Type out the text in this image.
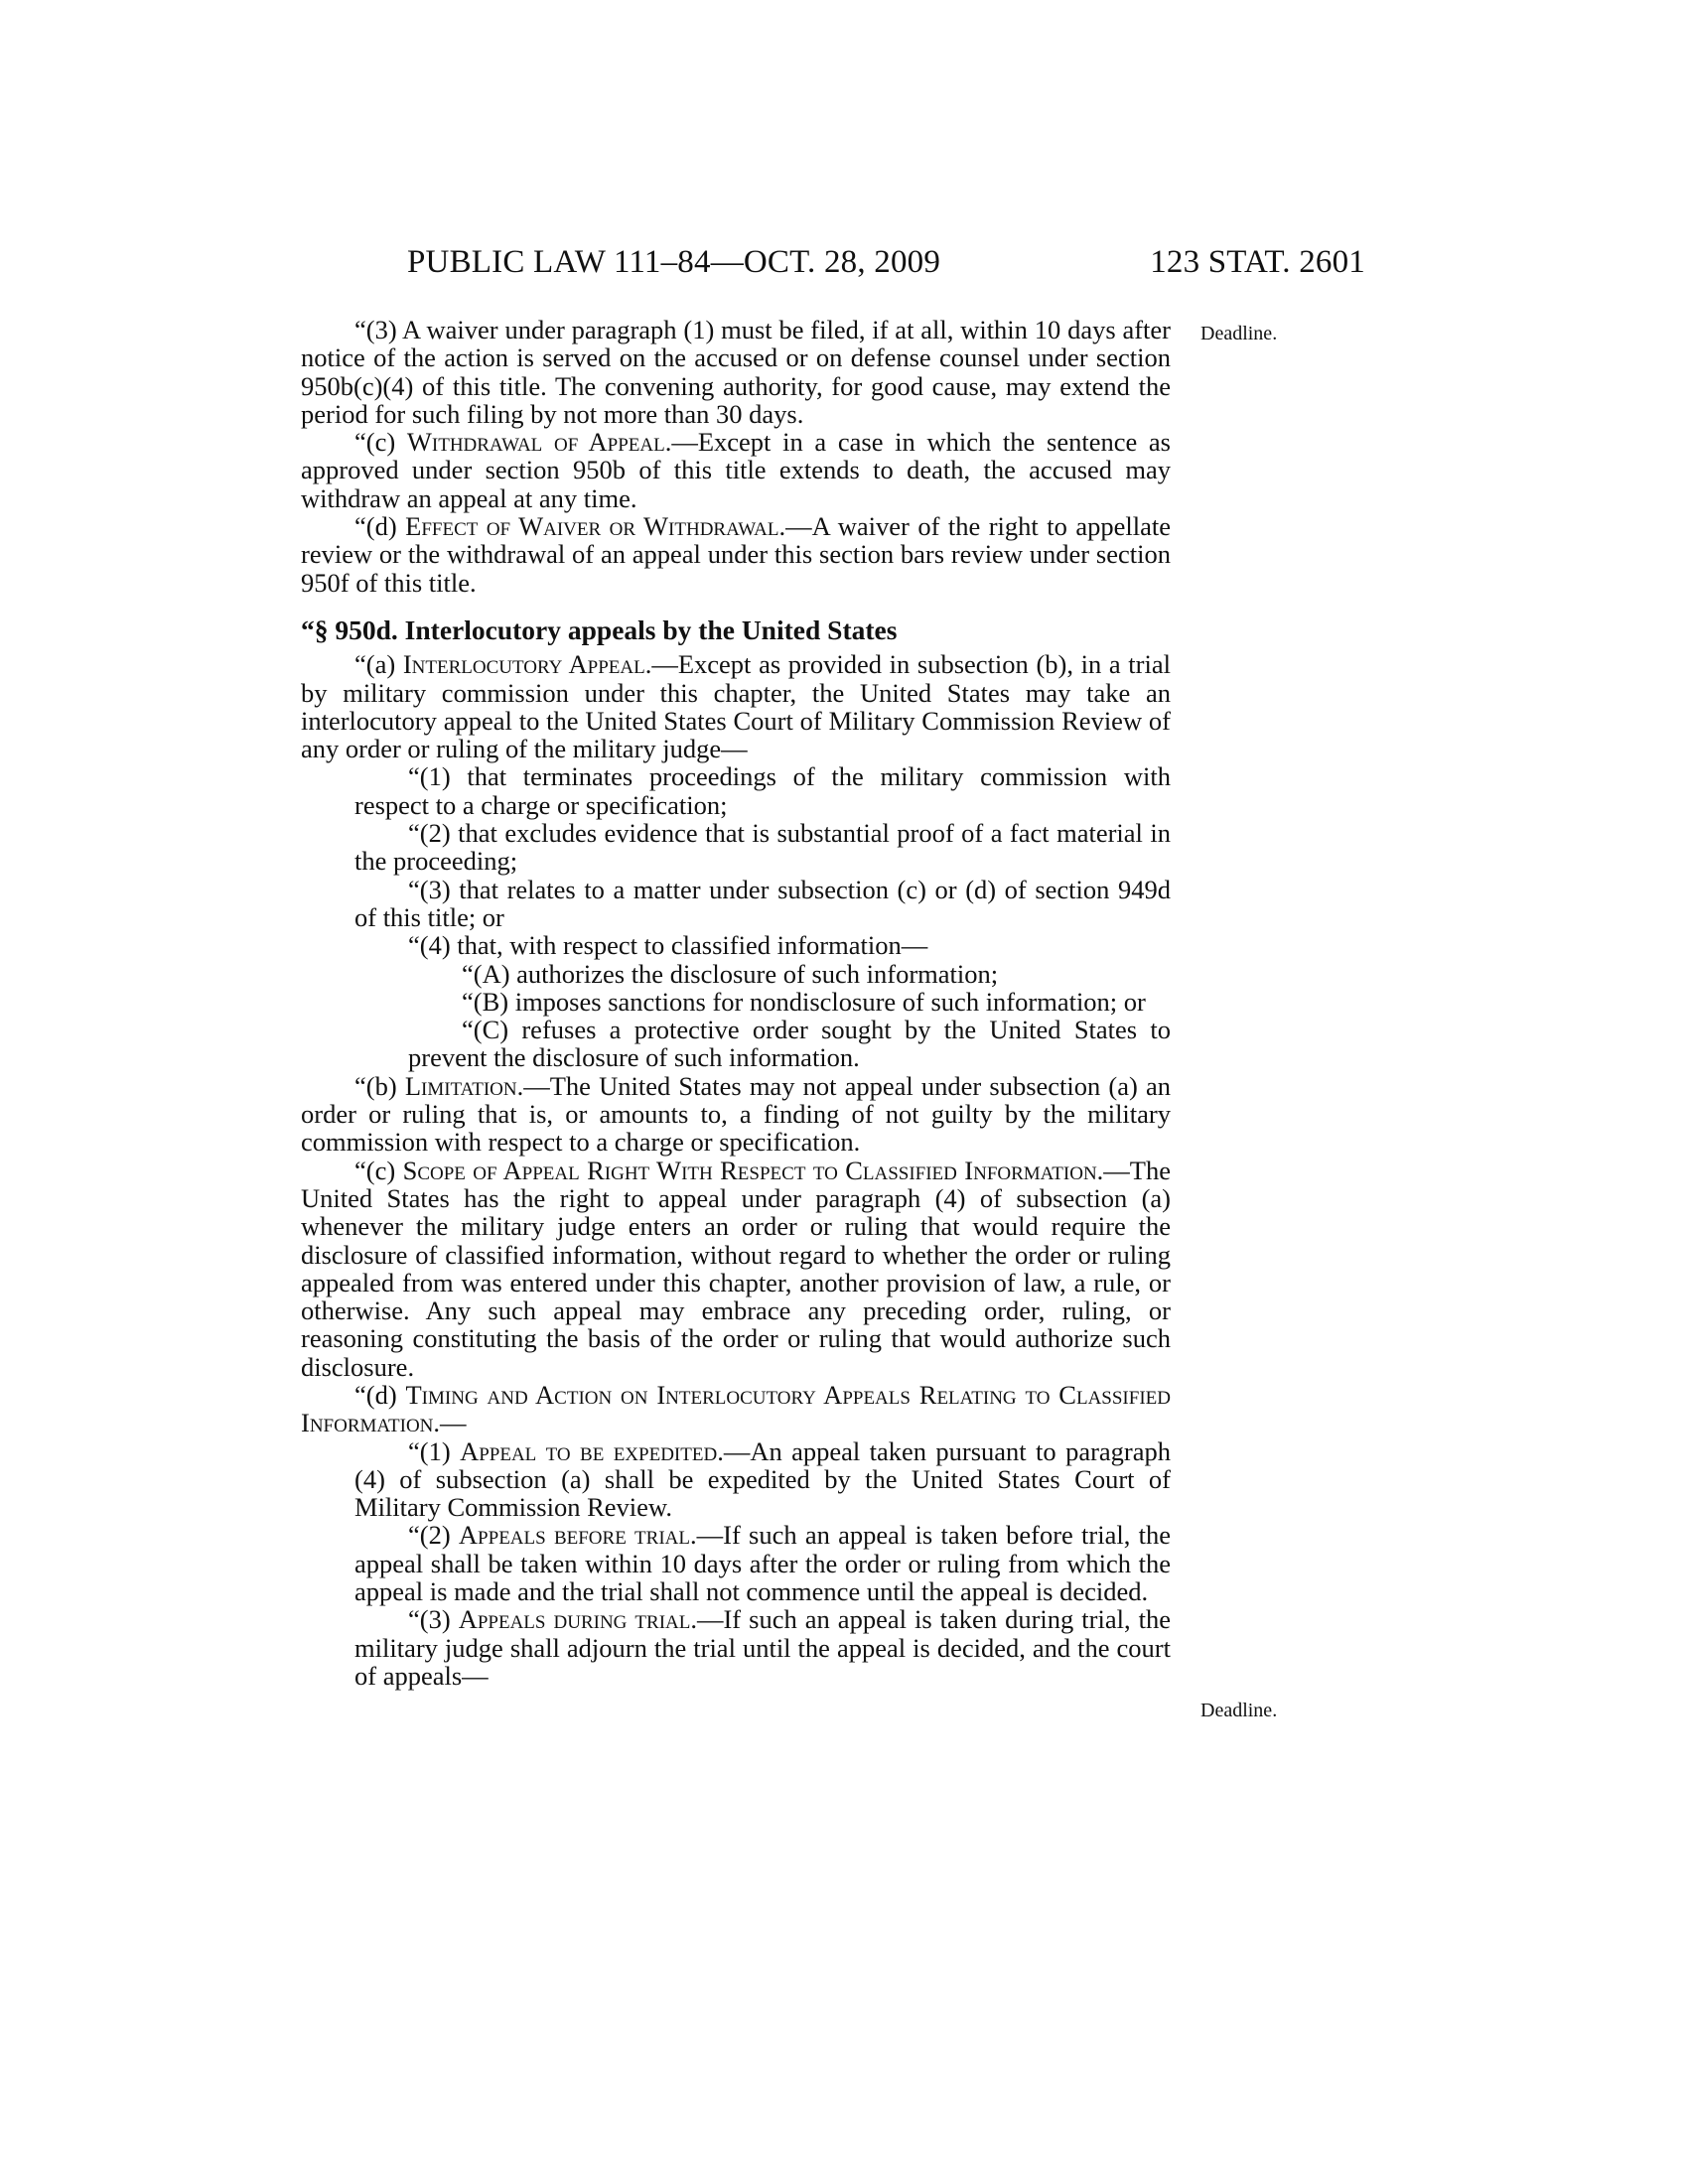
PUBLIC LAW 111–84—OCT. 28, 2009	123 STAT. 2601
Deadline.
Deadline.

“(3) A waiver under paragraph (1) must be filed, if at all, within 10 days after notice of the action is served on the accused or on defense counsel under section 950b(c)(4) of this title. The convening authority, for good cause, may extend the period for such filing by not more than 30 days.

“(c) Withdrawal of Appeal.—Except in a case in which the sentence as approved under section 950b of this title extends to death, the accused may withdraw an appeal at any time.

“(d) Effect of Waiver or Withdrawal.—A waiver of the right to appellate review or the withdrawal of an appeal under this section bars review under section 950f of this title.

“§ 950d. Interlocutory appeals by the United States

“(a) Interlocutory Appeal.—Except as provided in subsection (b), in a trial by military commission under this chapter, the United States may take an interlocutory appeal to the United States Court of Military Commission Review of any order or ruling of the military judge—

“(1) that terminates proceedings of the military commission with respect to a charge or specification;

“(2) that excludes evidence that is substantial proof of a fact material in the proceeding;

“(3) that relates to a matter under subsection (c) or (d) of section 949d of this title; or

“(4) that, with respect to classified information—

“(A) authorizes the disclosure of such information;

“(B) imposes sanctions for nondisclosure of such information; or

“(C) refuses a protective order sought by the United States to prevent the disclosure of such information.

“(b) Limitation.—The United States may not appeal under subsection (a) an order or ruling that is, or amounts to, a finding of not guilty by the military commission with respect to a charge or specification.

“(c) Scope of Appeal Right With Respect to Classified Information.—The United States has the right to appeal under paragraph (4) of subsection (a) whenever the military judge enters an order or ruling that would require the disclosure of classified information, without regard to whether the order or ruling appealed from was entered under this chapter, another provision of law, a rule, or otherwise. Any such appeal may embrace any preceding order, ruling, or reasoning constituting the basis of the order or ruling that would authorize such disclosure.

“(d) Timing and Action on Interlocutory Appeals Relating to Classified Information.—

“(1) Appeal to be expedited.—An appeal taken pursuant to paragraph (4) of subsection (a) shall be expedited by the United States Court of Military Commission Review.

“(2) Appeals before trial.—If such an appeal is taken before trial, the appeal shall be taken within 10 days after the order or ruling from which the appeal is made and the trial shall not commence until the appeal is decided.

“(3) Appeals during trial.—If such an appeal is taken during trial, the military judge shall adjourn the trial until the appeal is decided, and the court of appeals—
